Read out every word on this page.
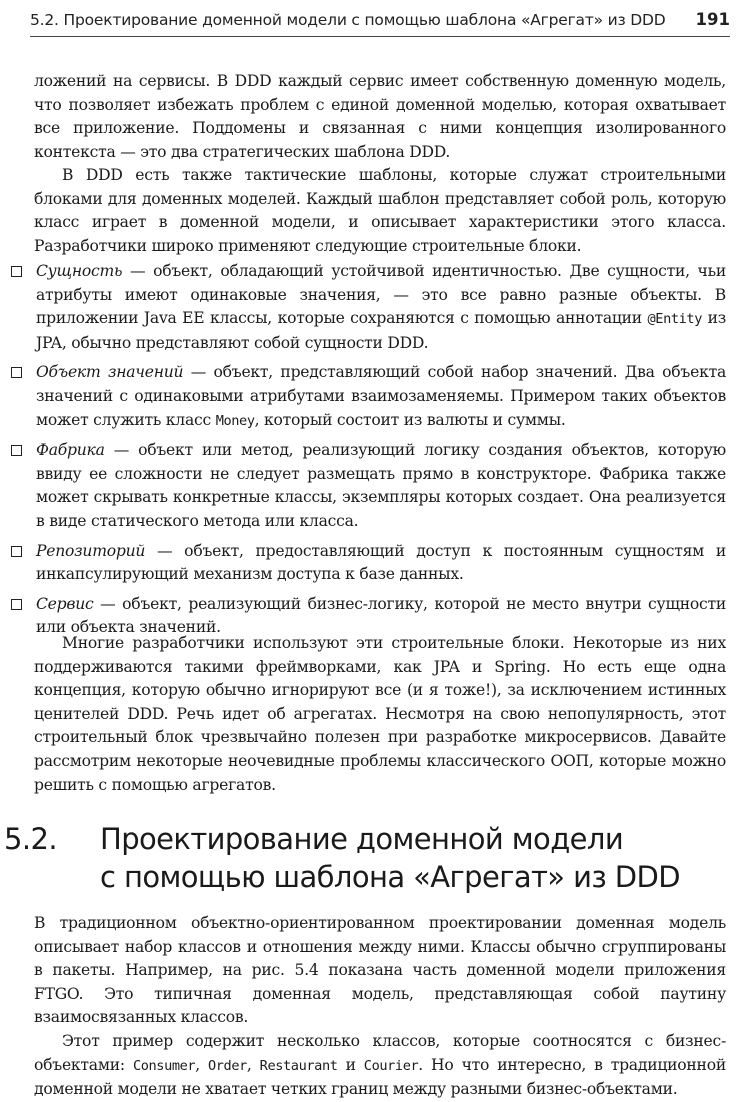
5.2. Проектирование доменной модели с помощью шаблона «Агрегат» из DDD 191

ложений на сервисы. В DDD каждый сервис имеет собственную доменную модель, что позволяет избежать проблем с единой доменной моделью, которая охватывает все приложение. Поддомены и связанная с ними концепция изолированного контекста — это два стратегических шаблона DDD.

В DDD есть также тактические шаблоны, которые служат строительными блоками для доменных моделей. Каждый шаблон представляет собой роль, которую класс играет в доменной модели, и описывает характеристики этого класса. Разработчики широко применяют следующие строительные блоки.

Сущность — объект, обладающий устойчивой идентичностью. Две сущности, чьи атрибуты имеют одинаковые значения, — это все равно разные объекты. В приложении Java EE классы, которые сохраняются с помощью аннотации @Entity из JPA, обычно представляют собой сущности DDD.
Объект значений — объект, представляющий собой набор значений. Два объекта значений с одинаковыми атрибутами взаимозаменяемы. Примером таких объектов может служить класс Money, который состоит из валюты и суммы.
Фабрика — объект или метод, реализующий логику создания объектов, которую ввиду ее сложности не следует размещать прямо в конструкторе. Фабрика также может скрывать конкретные классы, экземпляры которых создает. Она реализуется в виде статического метода или класса.
Репозиторий — объект, предоставляющий доступ к постоянным сущностям и инкапсулирующий механизм доступа к базе данных.
Сервис — объект, реализующий бизнес-логику, которой не место внутри сущности или объекта значений.

Многие разработчики используют эти строительные блоки. Некоторые из них поддерживаются такими фреймворками, как JPA и Spring. Но есть еще одна концепция, которую обычно игнорируют все (и я тоже!), за исключением истинных ценителей DDD. Речь идет об агрегатах. Несмотря на свою непопулярность, этот строительный блок чрезвычайно полезен при разработке микросервисов. Давайте рассмотрим некоторые неочевидные проблемы классического ООП, которые можно решить с помощью агрегатов.

5.2. Проектирование доменной модели
с помощью шаблона «Агрегат» из DDD

В традиционном объектно-ориентированном проектировании доменная модель описывает набор классов и отношения между ними. Классы обычно сгруппированы в пакеты. Например, на рис. 5.4 показана часть доменной модели приложения FTGO. Это типичная доменная модель, представляющая собой паутину взаимосвязанных классов.

Этот пример содержит несколько классов, которые соотносятся с бизнес-объектами: Consumer, Order, Restaurant и Courier. Но что интересно, в традиционной доменной модели не хватает четких границ между разными бизнес-объектами.
